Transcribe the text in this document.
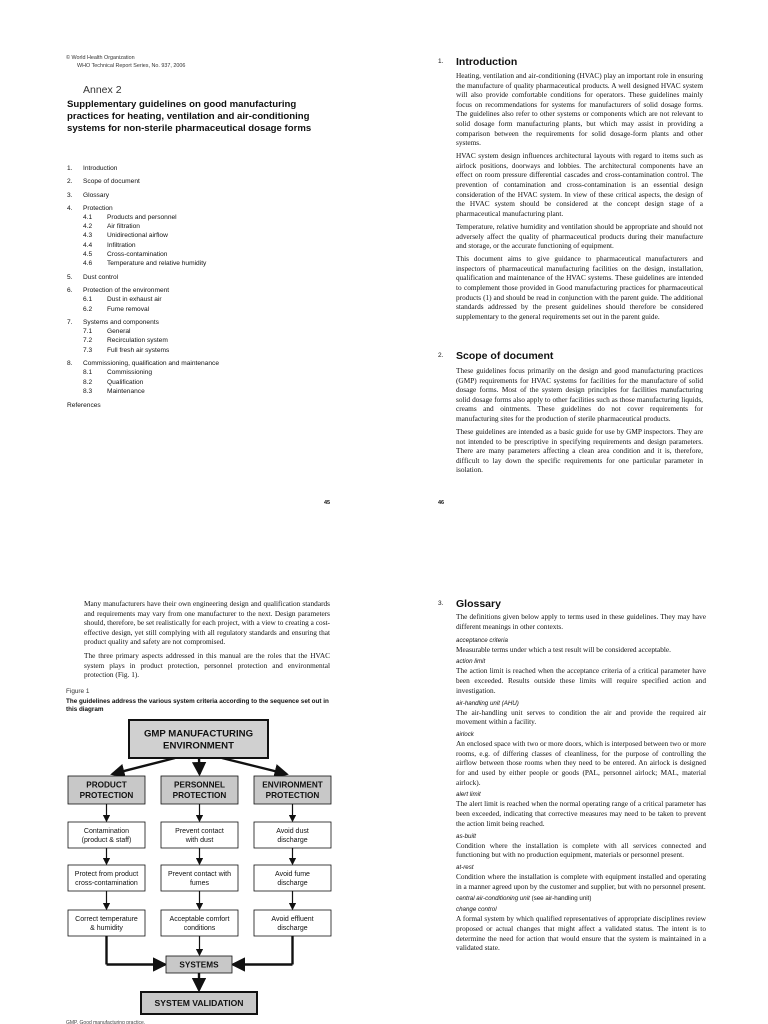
© World Health Organization
WHO Technical Report Series, No. 937, 2006
Annex 2
Supplementary guidelines on good manufacturing practices for heating, ventilation and air-conditioning systems for non-sterile pharmaceutical dosage forms
1. Introduction
2. Scope of document
3. Glossary
4. Protection
4.1 Products and personnel
4.2 Air filtration
4.3 Unidirectional airflow
4.4 Infiltration
4.5 Cross-contamination
4.6 Temperature and relative humidity
5. Dust control
6. Protection of the environment
6.1 Dust in exhaust air
6.2 Fume removal
7. Systems and components
7.1 General
7.2 Recirculation system
7.3 Full fresh air systems
8. Commissioning, qualification and maintenance
8.1 Commissioning
8.2 Qualification
8.3 Maintenance
References
45
1. Introduction

Heating, ventilation and air-conditioning (HVAC) play an important role in ensuring the manufacture of quality pharmaceutical products. A well designed HVAC system will also provide comfortable conditions for operators. These guidelines mainly focus on recommendations for systems for manufacturers of solid dosage forms. The guidelines also refer to other systems or components which are not relevant to solid dosage form manufacturing plants, but which may assist in providing a comparison between the requirements for solid dosage-form plants and other systems.

HVAC system design influences architectural layouts with regard to items such as airlock positions, doorways and lobbies. The architectural components have an effect on room pressure differential cascades and cross-contamination control. The prevention of contamination and cross-contamination is an essential design consideration of the HVAC system. In view of these critical aspects, the design of the HVAC system should be considered at the concept design stage of a pharmaceutical manufacturing plant.

Temperature, relative humidity and ventilation should be appropriate and should not adversely affect the quality of pharmaceutical products during their manufacture and storage, or the accurate functioning of equipment.

This document aims to give guidance to pharmaceutical manufacturers and inspectors of pharmaceutical manufacturing facilities on the design, installation, qualification and maintenance of the HVAC systems. These guidelines are intended to complement those provided in Good manufacturing practices for pharmaceutical products (1) and should be read in conjunction with the parent guide. The additional standards addressed by the present guidelines should therefore be considered supplementary to the general requirements set out in the parent guide.

2. Scope of document

These guidelines focus primarily on the design and good manufacturing practices (GMP) requirements for HVAC systems for facilities for the manufacture of solid dosage forms. Most of the system design principles for facilities manufacturing solid dosage forms also apply to other facilities such as those manufacturing liquids, creams and ointments. These guidelines do not cover requirements for manufacturing sites for the production of sterile pharmaceutical products.

These guidelines are intended as a basic guide for use by GMP inspectors. They are not intended to be prescriptive in specifying requirements and design parameters. There are many parameters affecting a clean area condition and it is, therefore, difficult to lay down the specific requirements for one particular parameter in isolation.

46

Many manufacturers have their own engineering design and qualification standards and requirements may vary from one manufacturer to the next. Design parameters should, therefore, be set realistically for each project, with a view to creating a cost-effective design, yet still complying with all regulatory standards and ensuring that product quality and safety are not compromised.

The three primary aspects addressed in this manual are the roles that the HVAC system plays in product protection, personnel protection and environmental protection (Fig. 1).

Figure 1
The guidelines address the various system criteria according to the sequence set out in this diagram
GMP MANUFACTURING
ENVIRONMENT
PRODUCT
PROTECTION
Contamination
(product & staff)
Protect from product
cross-contamination
Correct temperature
& humidity
PERSONNEL
PROTECTION
Prevent contact
with dust
Prevent contact with
fumes
Acceptable comfort
conditions
ENVIRONMENT
PROTECTION
Avoid dust
discharge
Avoid fume
discharge
Avoid effluent
discharge
SYSTEMS
SYSTEM VALIDATION
GMP, Good manufacturing practice.
3. Glossary
The definitions given below apply to terms used in these guidelines. They may have different meanings in other contexts.
acceptance criteria
Measurable terms under which a test result will be considered acceptable.
action limit
The action limit is reached when the acceptance criteria of a critical parameter have been exceeded. Results outside these limits will require specified action and investigation.
air-handling unit (AHU)
The air-handling unit serves to condition the air and provide the required air movement within a facility.
airlock
An enclosed space with two or more doors, which is interposed between two or more rooms, e.g. of differing classes of cleanliness, for the purpose of controlling the airflow between those rooms when they need to be entered. An airlock is designed for and used by either people or goods (PAL, personnel airlock; MAL, material airlock).
alert limit
The alert limit is reached when the normal operating range of a critical parameter has been exceeded, indicating that corrective measures may need to be taken to prevent the action limit being reached.
as-built
Condition where the installation is complete with all services connected and functioning but with no production equipment, materials or personnel present.
at-rest
Condition where the installation is complete with equipment installed and operating in a manner agreed upon by the customer and supplier, but with no personnel present.
central air-conditioning unit (see air-handling unit)
change control
A formal system by which qualified representatives of appropriate disciplines review proposed or actual changes that might affect a validated status. The intent is to determine the need for action that would ensure that the system is maintained in a validated state.
